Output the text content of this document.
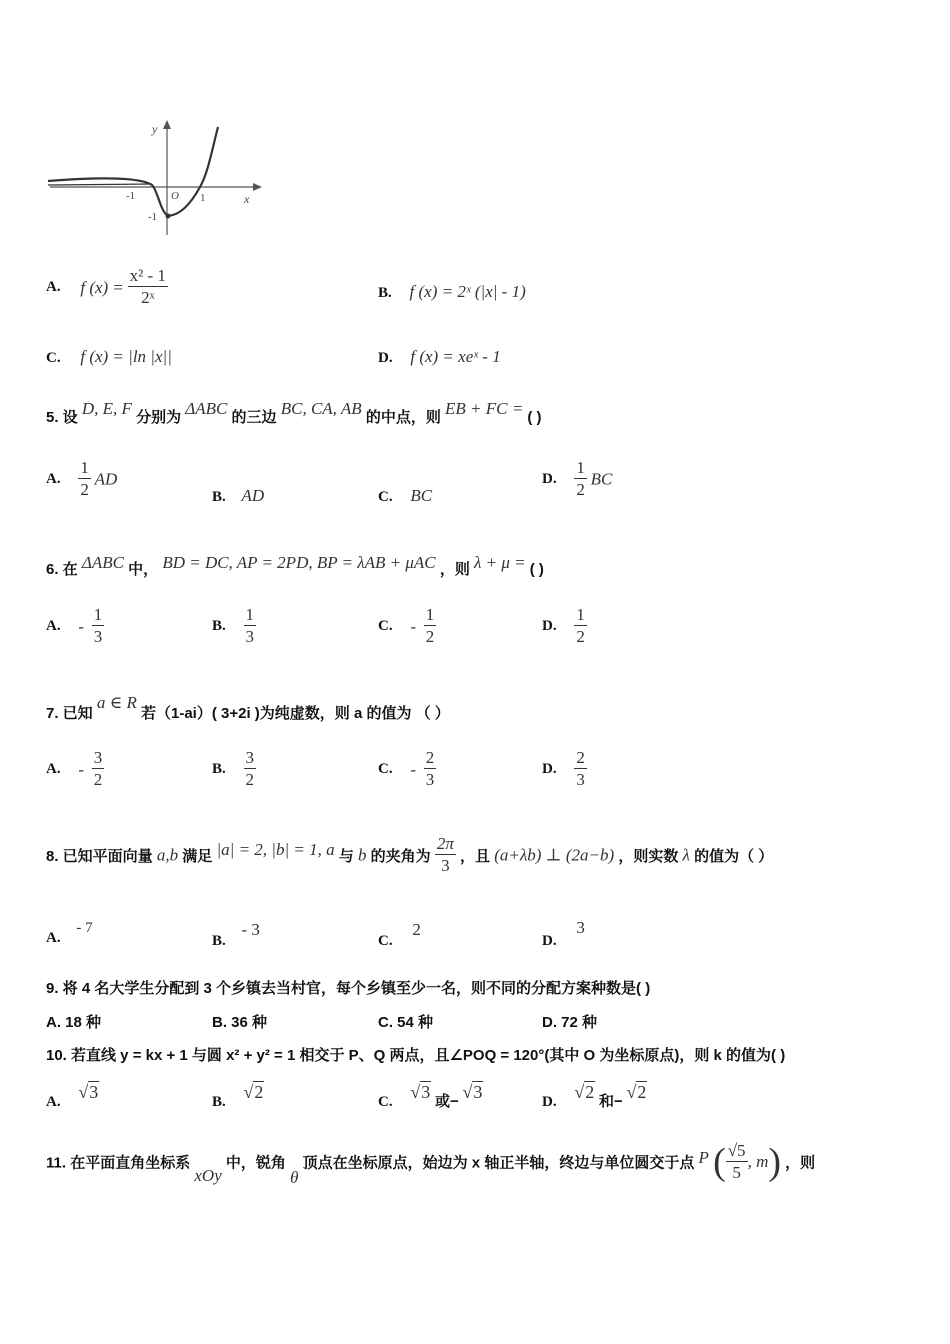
y
x
O
-1	1
-1
A. f $(x) = \frac{\text{x² - 1}}{\text{2ˣ}}$	B. f (x) = 2ˣ (|x| - 1)
C. f (x) = |ln |x||	D. f (x) = xeˣ - 1
5. 设 D, E, F 分别为 ΔABC 的三边 BC, CA, AB 的中点，则 EB + FC = ( )
A. $\frac{1}{2}$ AD
B. AD	C. BC
D. $\frac{1}{2}$ BC
6. 在 ΔABC 中， BD = DC, AP = 2PD, BP = λAB + μAC ，则 λ + μ = ( )
A. - $\frac{1}{3}$	B. $\frac{1}{3}$	C. - $\frac{1}{2}$	D. $\frac{1}{2}$
7. 已知 a ∈ R 若（1-ai）( 3+2i )为纯虚数，则 a 的值为 （ ）
A. - $\frac{3}{2}$	B. $\frac{3}{2}$	C. - $\frac{2}{3}$	D. $\frac{2}{3}$
8. 已知平面向量 a,b 满足 |a| = 2, |b| = 1, a 与 b 的夹角为 $\frac{2\pi}{3}$ ，且 (a+λb) ⊥ (2a−b) ，则实数 λ 的值为（ ）
A. - 7
B. - 3
C. 2
D. 3
9. 将 4 名大学生分配到 3 个乡镇去当村官，每个乡镇至少一名，则不同的分配方案种数是( )
A. 18 种	B. 36 种	C. 54 种	D. 72 种
10. 若直线 y = kx + 1 与圆 x² + y² = 1 相交于 P、Q 两点，且∠POQ = 120°(其中 O 为坐标原点)，则 k 的值为( )
A. √3	B. √2	C. √3 或− √3	D. √2 和− √2
11. 在平面直角坐标系 xOy 中，锐角 θ 顶点在坐标原点，始边为 x 轴正半轴，终边与单位圆交于点 P ( $\frac{√5}{5}$ , m) ，则
